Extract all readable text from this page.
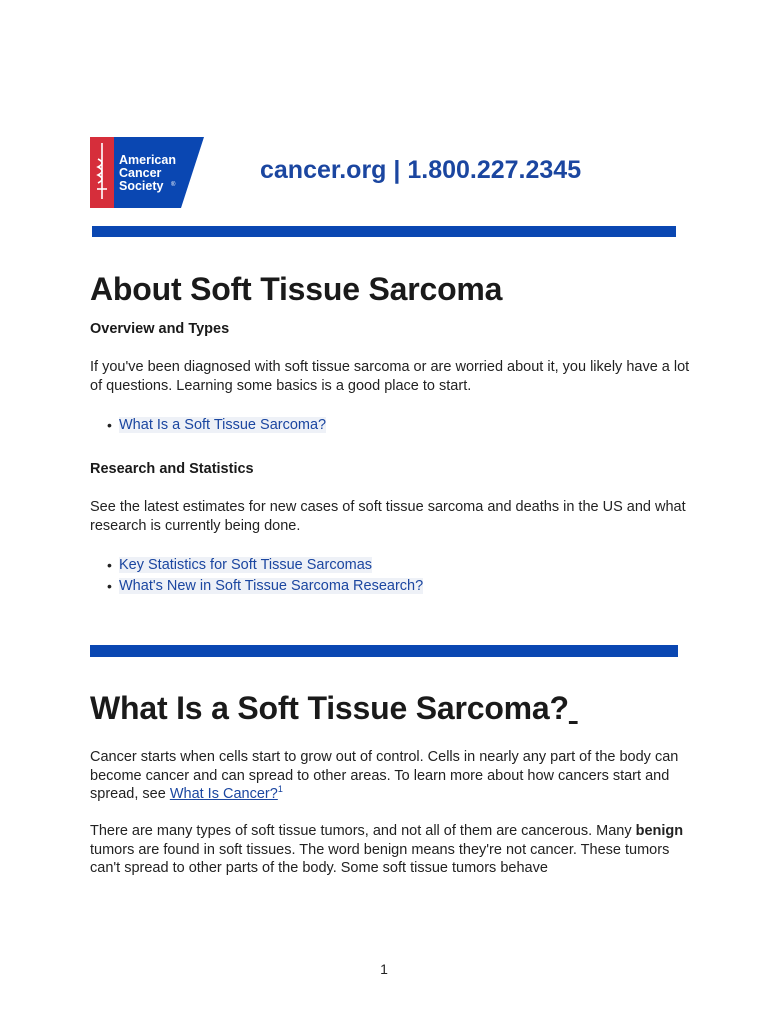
American
Cancer
Society ®
cancer.org | 1.800.227.2345
About Soft Tissue Sarcoma
Overview and Types

If you've been diagnosed with soft tissue sarcoma or are worried about it, you likely have a lot of questions. Learning some basics is a good place to start.

• What Is a Soft Tissue Sarcoma?
Research and Statistics

See the latest estimates for new cases of soft tissue sarcoma and deaths in the US and what research is currently being done.

• Key Statistics for Soft Tissue Sarcomas
• What's New in Soft Tissue Sarcoma Research?
What Is a Soft Tissue Sarcoma?

Cancer starts when cells start to grow out of control. Cells in nearly any part of the body can become cancer and can spread to other areas. To learn more about how cancers start and spread, see What Is Cancer?$^1$

There are many types of soft tissue tumors, and not all of them are cancerous. Many benign tumors are found in soft tissues. The word benign means they're not cancer. These tumors can't spread to other parts of the body. Some soft tissue tumors behave

1
